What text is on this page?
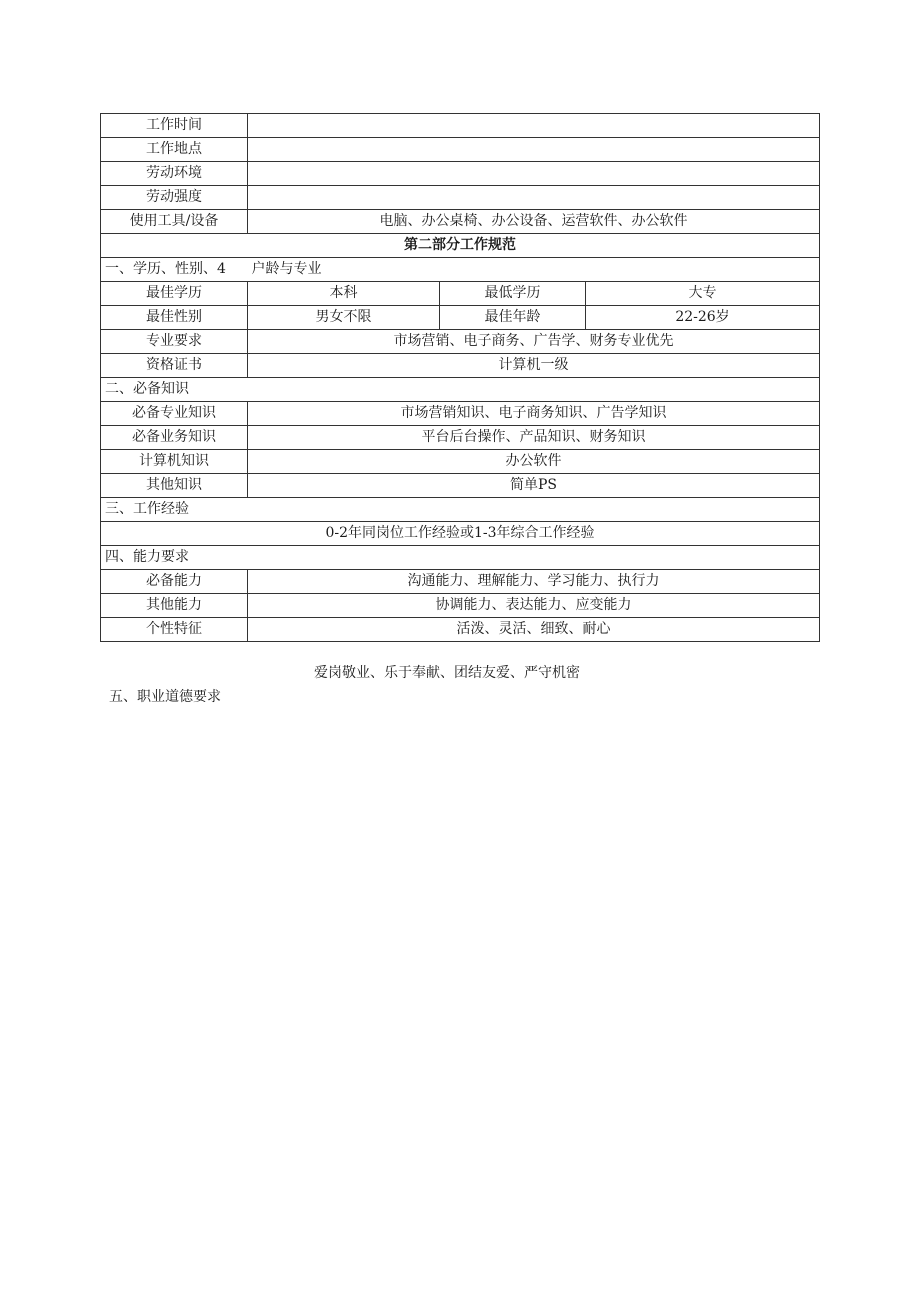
工作时间			
工作地点			
劳动环境			
劳动强度			
使用工具/设备	电脑、办公桌椅、办公设备、运营软件、办公软件		
第二部分工作规范			
一、学历、性别、4	户龄与专业		
最佳学历	本科	最低学历	大专
最佳性别	男女不限	最佳年龄	22-26岁
专业要求	市场营销、电子商务、广告学、财务专业优先		
资格证书	计算机一级		
二、必备知识			
必备专业知识	市场营销知识、电子商务知识、广告学知识		
必备业务知识	平台后台操作、产品知识、财务知识		
计算机知识	办公软件		
其他知识	简单PS		
三、工作经验			
0-2年同岗位工作经验或1-3年综合工作经验			
四、能力要求			
必备能力	沟通能力、理解能力、学习能力、执行力		
其他能力	协调能力、表达能力、应变能力		
个性特征	活泼、灵活、细致、耐心		
爱岗敬业、乐于奉献、团结友爱、严守机密
五、职业道德要求
